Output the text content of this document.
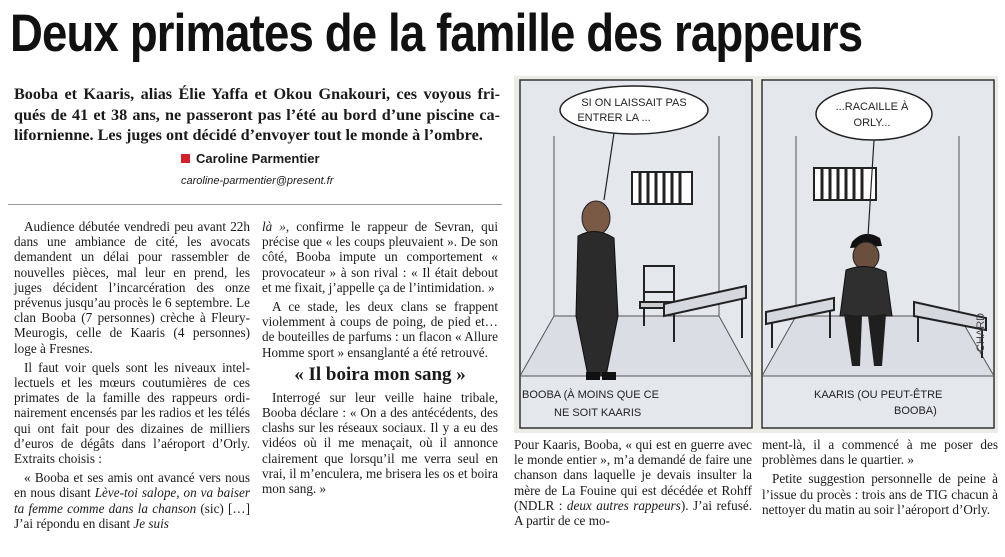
Deux primates de la famille des rappeurs
Booba et Kaaris, alias Élie Yaffa et Okou Gnakouri, ces voyous friqués de 41 et 38 ans, ne passeront pas l’été au bord d’une piscine californienne. Les juges ont décidé d’envoyer tout le monde à l’ombre.
Caroline Parmentier
caroline-parmentier@present.fr
SI ON LAISSAIT PAS
ENTRER LA ...
...RACAILLE À
ORLY...
BOOBA (À MOINS QUE CE
NE SOIT KAARIS
KAARIS (OU PEUT-ÊTRE
BOOBA)
CHARD

Audience débutée vendredi peu avant 22h dans une ambiance de cité, les avocats demandent un délai pour rassembler de nouvelles pièces, mal leur en prend, les juges décident l’incarcération des onze prévenus jusqu’au procès le 6 septembre. Le clan Booba (7 personnes) crèche à Fleury-Meurogis, celle de Kaaris (4 personnes) loge à Fresnes.

Il faut voir quels sont les niveaux intellectuels et les mœurs coutumières de ces primates de la famille des rappeurs ordinairement encensés par les radios et les télés qui ont fait pour des dizaines de milliers d’euros de dégâts dans l’aéroport d’Orly. Extraits choisis :

« Booba et ses amis ont avancé vers nous en nous disant Lève-toi salope, on va baiser ta femme comme dans la chanson (sic) […] J’ai répondu en disant Je suis

là », confirme le rappeur de Sevran, qui précise que « les coups pleuvaient ». De son côté, Booba impute un comportement « provocateur » à son rival : « Il était debout et me fixait, j’appelle ça de l’intimidation. »

A ce stade, les deux clans se frappent violemment à coups de poing, de pied et… de bouteilles de parfums : un flacon « Allure Homme sport » ensanglanté a été retrouvé.

« Il boira mon sang »

Interrogé sur leur veille haine tribale, Booba déclare : « On a des antécédents, des clashs sur les réseaux sociaux. Il y a eu des vidéos où il me menaçait, où il annonce clairement que lorsqu’il me verra seul en vrai, il m’enculera, me brisera les os et boira mon sang. »

Pour Kaaris, Booba, « qui est en guerre avec le monde entier », m’a demandé de faire une chanson dans laquelle je devais insulter la mère de La Fouine qui est décédée et Rohff (NDLR : deux autres rappeurs). J’ai refusé. A partir de ce mo-

ment-là, il a commencé à me poser des problèmes dans le quartier. »

Petite suggestion personnelle de peine à l’issue du procès : trois ans de TIG chacun à nettoyer du matin au soir l’aéroport d’Orly.
